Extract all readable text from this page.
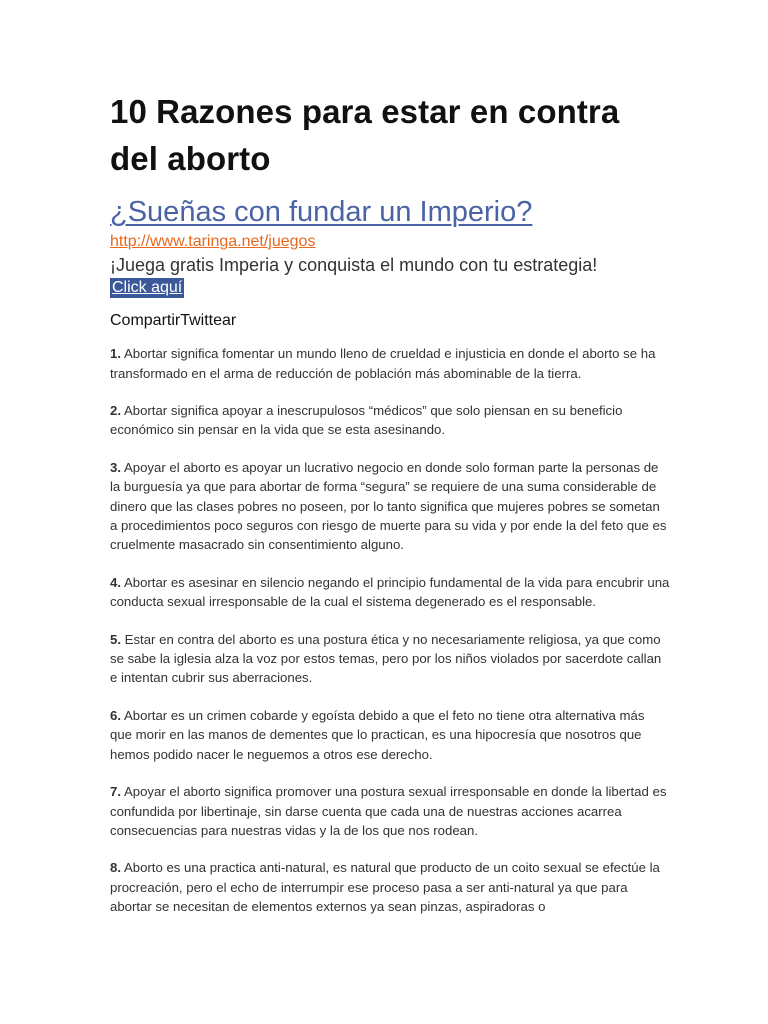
10 Razones para estar en contra del aborto
¿Sueñas con fundar un Imperio?
http://www.taringa.net/juegos
¡Juega gratis Imperia y conquista el mundo con tu estrategia!
Click aquí
CompartirTwittear

1. Abortar significa fomentar un mundo lleno de crueldad e injusticia en donde el aborto se ha transformado en el arma de reducción de población más abominable de la tierra.

2. Abortar significa apoyar a inescrupulosos “médicos” que solo piensan en su beneficio económico sin pensar en la vida que se esta asesinando.

3. Apoyar el aborto es apoyar un lucrativo negocio en donde solo forman parte la personas de la burguesía ya que para abortar de forma “segura” se requiere de una suma considerable de dinero que las clases pobres no poseen, por lo tanto significa que mujeres pobres se sometan a procedimientos poco seguros con riesgo de muerte para su vida y por ende la del feto que es cruelmente masacrado sin consentimiento alguno.

4. Abortar es asesinar en silencio negando el principio fundamental de la vida para encubrir una conducta sexual irresponsable de la cual el sistema degenerado es el responsable.

5. Estar en contra del aborto es una postura ética y no necesariamente religiosa, ya que como se sabe la iglesia alza la voz por estos temas, pero por los niños violados por sacerdote callan e intentan cubrir sus aberraciones.

6. Abortar es un crimen cobarde y egoísta debido a que el feto no tiene otra alternativa más que morir en las manos de dementes que lo practican, es una hipocresía que nosotros que hemos podido nacer le neguemos a otros ese derecho.

7. Apoyar el aborto significa promover una postura sexual irresponsable en donde la libertad es confundida por libertinaje, sin darse cuenta que cada una de nuestras acciones acarrea consecuencias para nuestras vidas y la de los que nos rodean.

8. Aborto es una practica anti-natural, es natural que producto de un coito sexual se efectúe la procreación, pero el echo de interrumpir ese proceso pasa a ser anti-natural ya que para abortar se necesitan de elementos externos ya sean pinzas, aspiradoras o
